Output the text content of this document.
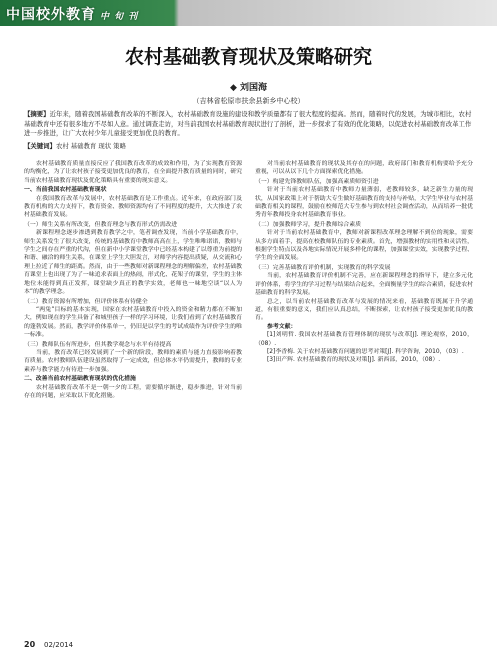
中国校外教育 中 旬 刊
农村基础教育现状及策略研究
◆ 刘国海
（吉林省松原市扶余县新乡中心校）
【摘要】近年来，随着我国基础教育改革的不断深入，农村基础教育设施的建设和教学质量都有了很大程度的提高。然而，随着时代的发展，为城市相比，农村基础教育中还有很多地方不尽如人意。通过调查走访，对当前我国农村基础教育现状进行了剖析，进一步探求了有效的优化策略，以促进农村基础教育改革工作进一步推进，让广大农村少年儿童接受更加优良的教育。
【关键词】农村 基础教育 现状 策略

农村基础教育质量直接反应了我国教育改革的成效和作用，为了实现教育资源的均衡化，为了让农村孩子接受更加优良的教育，在全面提升教育质量的同时，研究当前农村基础教育现状及优化策略具有重要的现实意义。

一、当前我国农村基础教育现状

在我国教育改革与发展中，农村基础教育是工作重点。近年来，在政府部门及教育机构的大力支持下，教育资金、教师资源均有了不同程度的提升，大大推进了农村基础教育发展。

（一）师生关系有所改变，但教育理念与教育形式仍需改进

新课程理念逐步渗透到教育教学之中，笔者调查发现，当前小学基础教育中，师生关系发生了很大改变，传统的基础教育中教师高高在上，学生唯唯诺诺，教师与学生之间存在严重的代沟，但在新中小学课堂教学中已经基本构建了以尊重为前提的和谐、融洽的师生关系，在课堂上学生大胆发言，对师学内容提出质疑，从交流和心理上拉近了师生的距离。然而，由于一些教师对新课程理念的理解偏差，农村基础教育课堂上也出现了为了一味追求表面上的热闹，形式化、花架子的课堂，学生的主体地位未能得到真正发挥，课堂缺少真正的教学实效，老师也一味地空谈“以人为本”的教学理念。

（二）教育资源有所增加，但评价体系有待健全

“两兔”目标的基本实现，国家在农村基础教育中投入的资金和精力都在不断加大，例如现在的学生具备了和城里孩子一样的学习环境，让我们看到了农村基础教育的蓬勃发展。然而，教学评价体系单一，仍旧是以学生的考试成绩作为评价学生的唯一标准。

（三）教师队伍有所进步，但其教学观念与水平有待提高

当前，教育改革已经发展到了一个新的阶段，教师的素质与能力直接影响着教育质量。农村教师队伍建设虽然取得了一定成效，但总体水平仍需提升，教师的专业素养与教学能力有待进一步加强。

二、改善当前农村基础教育现状的优化措施

农村基础教育改革不是一朝一夕的工程，需要循序渐进，稳步推进，针对当前存在的问题，应采取以下优化措施。

对当前农村基础教育的现状及其存在的问题，政府部门和教育机构要给予充分重视，可以从以下几个方面探索优化措施。

（一）构建先锋教师队伍，加强高素质师资引进

针对于当前农村基础教育中教师力量薄弱，老教师较多，缺乏新生力量的现状，从国家政策上对于帮助大专生做好基础教育的支持与补贴，大学生毕业与农村基础教育相关的课程，鼓励在校师范大专生参与到农村社会调查活动，从而培养一批优秀青年教师投身农村基础教育事业。

（二）加强教师学习，提升教师综合素质

针对于当前农村基础教育中，教师对新课程改革理念理解不到位的现象，需要从多方面着手，提高在校教师队伍的专业素质。首先，增强教材的实用性和灵活性，根据学生特点以及各地实际情况开展多样化的课程，加强课堂实效，实现教学过程、学生的全面发展。

（三）完善基础教育评价机制，实现教育的科学发展

当前，农村基础教育评价机制不完善，应在新课程理念的指导下，建立多元化评价体系，将学生的学习过程与结果结合起来，全面衡量学生的综合素质，促进农村基础教育的科学发展。

总之，以当前农村基础教育改革与发展的情况来看，基础教育既属于升学通道，有很重要的意义，我们应认真总结，不断探索，让农村孩子接受更加优良的教育。

参考文献：

[1]刘明哲. 我国农村基础教育管理体制的现状与改革[J]. 理论观察，2010，（08）.

[2]李香梅. 关于农村基础教育问题的思考对策[J]. 科学咨询，2010，（03）.

[3]田产辉. 农村基础教育的现状及对策[J]. 新西部，2010，（08）.

20 02/2014
